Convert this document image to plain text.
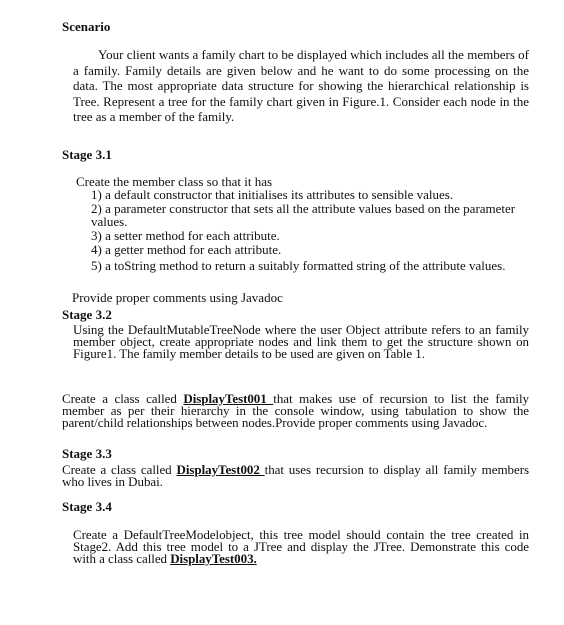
Scenario

Your client wants a family chart to be displayed which includes all the members of a family. Family details are given below and he want to do some processing on the data. The most appropriate data structure for showing the hierarchical relationship is Tree. Represent a tree for the family chart given in Figure.1. Consider each node in the tree as a member of the family.

Stage 3.1

Create the member class so that it has

1) a default constructor that initialises its attributes to sensible values.

2) a parameter constructor that sets all the attribute values based on the parameter values.

3) a setter method for each attribute.

4) a getter method for each attribute.

5) a toString method to return a suitably formatted string of the attribute values.

Provide proper comments using Javadoc

Stage 3.2

Using the DefaultMutableTreeNode where the user Object attribute refers to an family member object, create appropriate nodes and link them to get the structure shown on Figure1. The family member details to be used are given on Table 1.

Create a class called DisplayTest001 that makes use of recursion to list the family member as per their hierarchy in the console window, using tabulation to show the parent/child relationships between nodes.Provide proper comments using Javadoc.

Stage 3.3

Create a class called DisplayTest002 that uses recursion to display all family members who lives in Dubai.

Stage 3.4

Create a DefaultTreeModelobject, this tree model should contain the tree created in Stage2. Add this tree model to a JTree and display the JTree. Demonstrate this code with a class called DisplayTest003.
